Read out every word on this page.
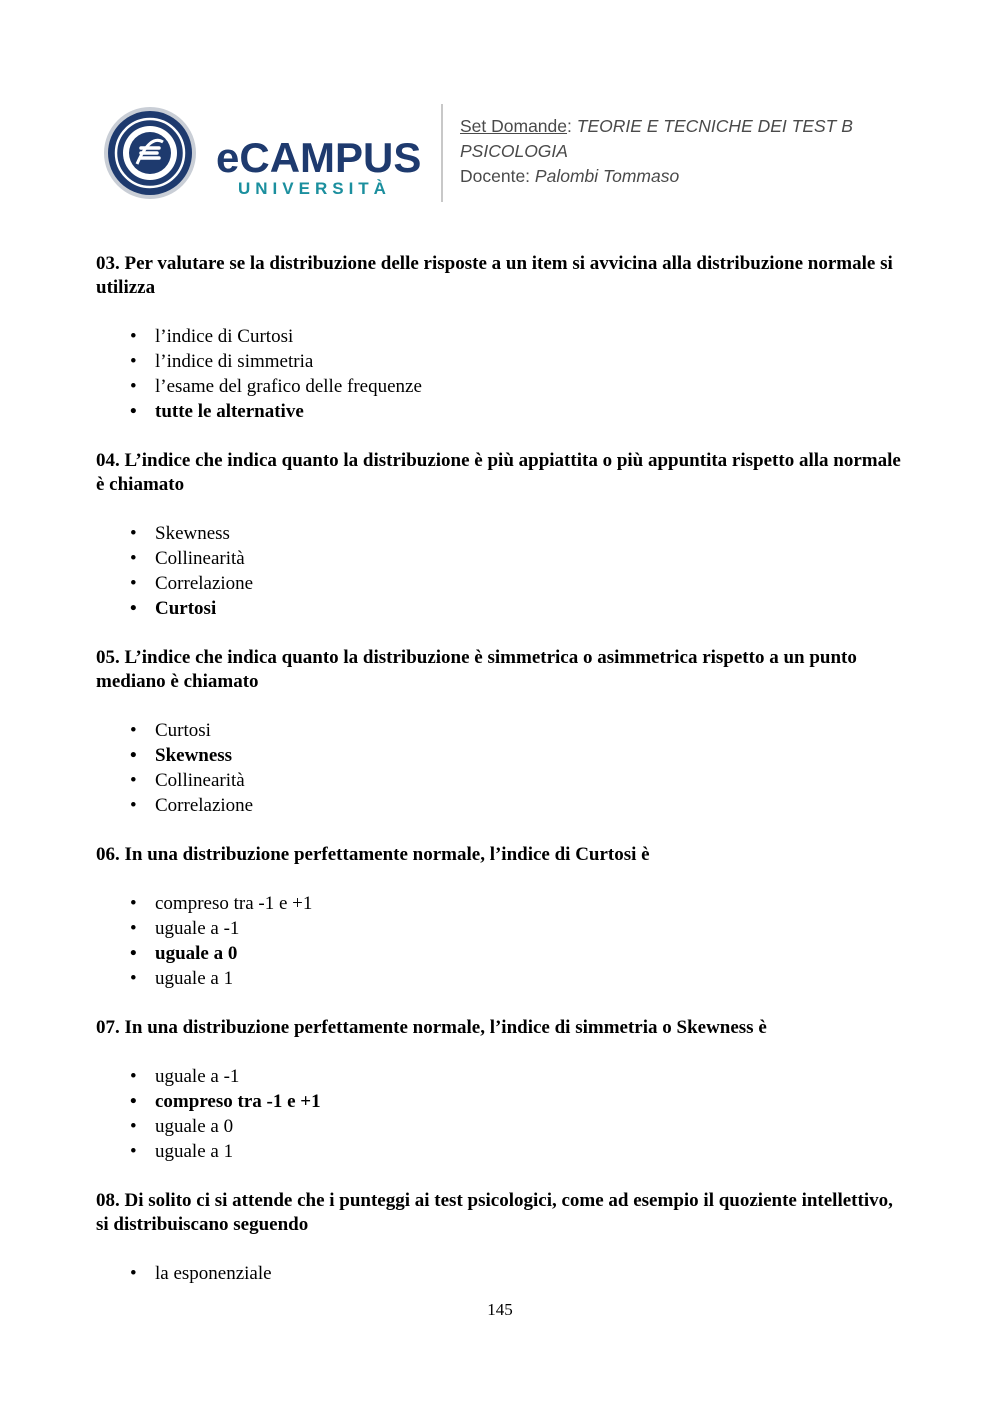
eCAMPUS
UNIVERSITÀ
Set Domande: TEORIE E TECNICHE DEI TEST B
PSICOLOGIA
Docente: Palombi Tommaso

03. Per valutare se la distribuzione delle risposte a un item si avvicina alla distribuzione normale si utilizza

• l’indice di Curtosi
• l’indice di simmetria
• l’esame del grafico delle frequenze
• tutte le alternative

04. L’indice che indica quanto la distribuzione è più appiattita o più appuntita rispetto alla normale è chiamato

• Skewness
• Collinearità
• Correlazione
• Curtosi

05. L’indice che indica quanto la distribuzione è simmetrica o asimmetrica rispetto a un punto mediano è chiamato

• Curtosi
• Skewness
• Collinearità
• Correlazione

06. In una distribuzione perfettamente normale, l’indice di Curtosi è

• compreso tra -1 e +1
• uguale a -1
• uguale a 0
• uguale a 1

07. In una distribuzione perfettamente normale, l’indice di simmetria o Skewness è

• uguale a -1
• compreso tra -1 e +1
• uguale a 0
• uguale a 1

08. Di solito ci si attende che i punteggi ai test psicologici, come ad esempio il quoziente intellettivo, si distribuiscano seguendo

• la esponenziale
145
